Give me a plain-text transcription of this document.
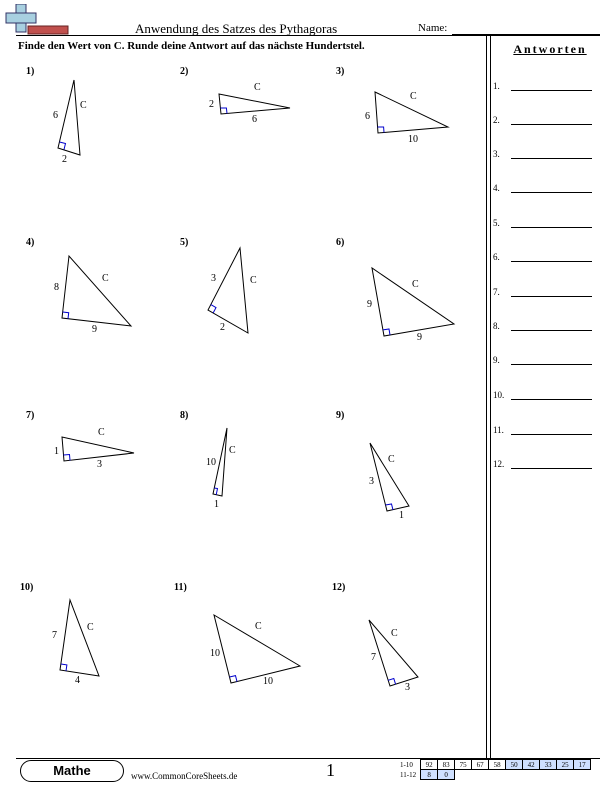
Anwendung des Satzes des Pythagoras	Name:
Finde den Wert von C. Runde deine Antwort auf das nächste Hundertstel.	Antworten
1.
2.
3.
4.
5.
6.
7.
8.
9.
10.
11.
12.
1)	2)	3)
4)	5)	6)
7)	8)	9)
10)	11)	12)
6
2
C	2
6
C
6
10
C
8
9
C	3
2
C
9
9
C
1
3
C
10
1
C
3
1
C
7
4
C
10
10
C
7
3
C
Mathe	www.CommonCoreSheets.de	1	1-10	92	83	75	67	58	50	42	33	25	17
11-12	8	0								
